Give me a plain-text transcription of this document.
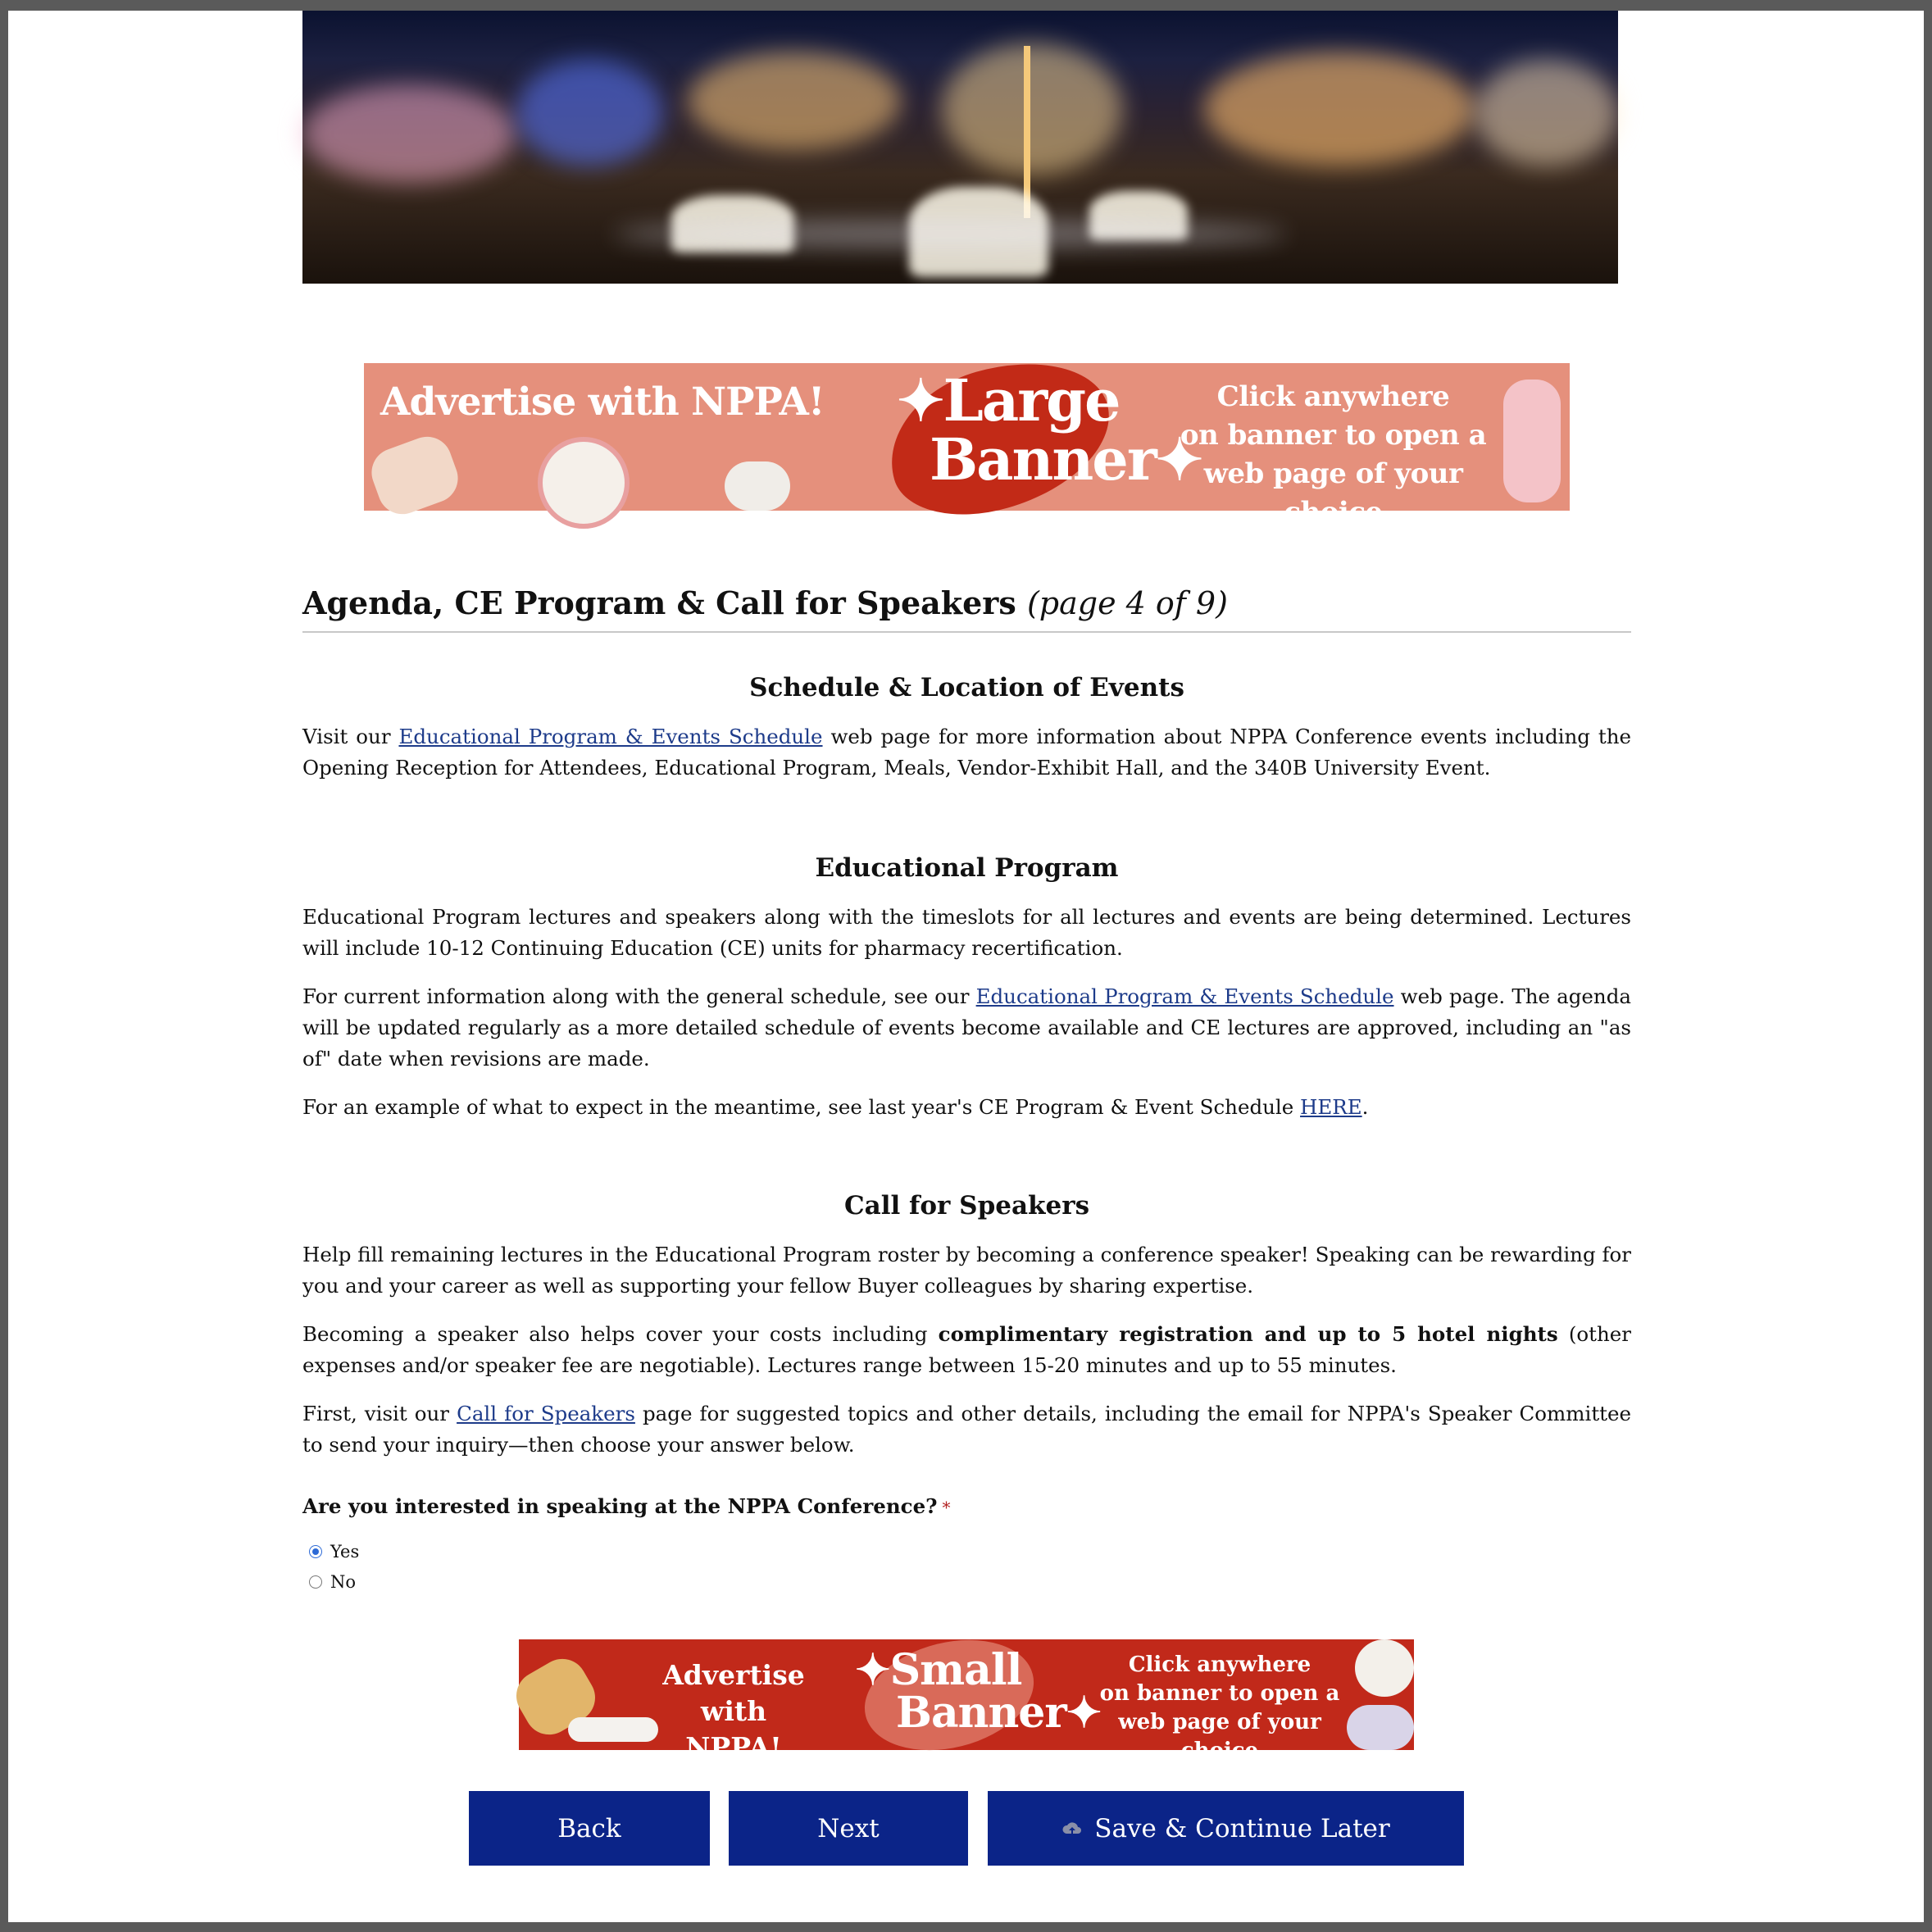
Advertise with NPPA!	✦Large
Banner✦
Click anywhere
on banner to open a
web page of your choice
Agenda, CE Program & Call for Speakers (page 4 of 9)
Schedule & Location of Events

Visit our Educational Program & Events Schedule web page for more information about NPPA Conference events including the Opening Reception for Attendees, Educational Program, Meals, Vendor-Exhibit Hall, and the 340B University Event.

Educational Program

Educational Program lectures and speakers along with the timeslots for all lectures and events are being determined. Lectures will include 10-12 Continuing Education (CE) units for pharmacy recertification.

For current information along with the general schedule, see our Educational Program & Events Schedule web page. The agenda will be updated regularly as a more detailed schedule of events become available and CE lectures are approved, including an "as of" date when revisions are made.

For an example of what to expect in the meantime, see last year's CE Program & Event Schedule HERE.

Call for Speakers

Help fill remaining lectures in the Educational Program roster by becoming a conference speaker! Speaking can be rewarding for you and your career as well as supporting your fellow Buyer colleagues by sharing expertise.

Becoming a speaker also helps cover your costs including complimentary registration and up to 5 hotel nights (other expenses and/or speaker fee are negotiable). Lectures range between 15-20 minutes and up to 55 minutes.

First, visit our Call for Speakers page for suggested topics and other details, including the email for NPPA's Speaker Committee to send your inquiry—then choose your answer below.

Are you interested in speaking at the NPPA Conference? *
Yes
No
Advertise
with NPPA!
✦Small
Banner✦
Click anywhere
on banner to open a
web page of your choice
Back	Next	Save & Continue Later
